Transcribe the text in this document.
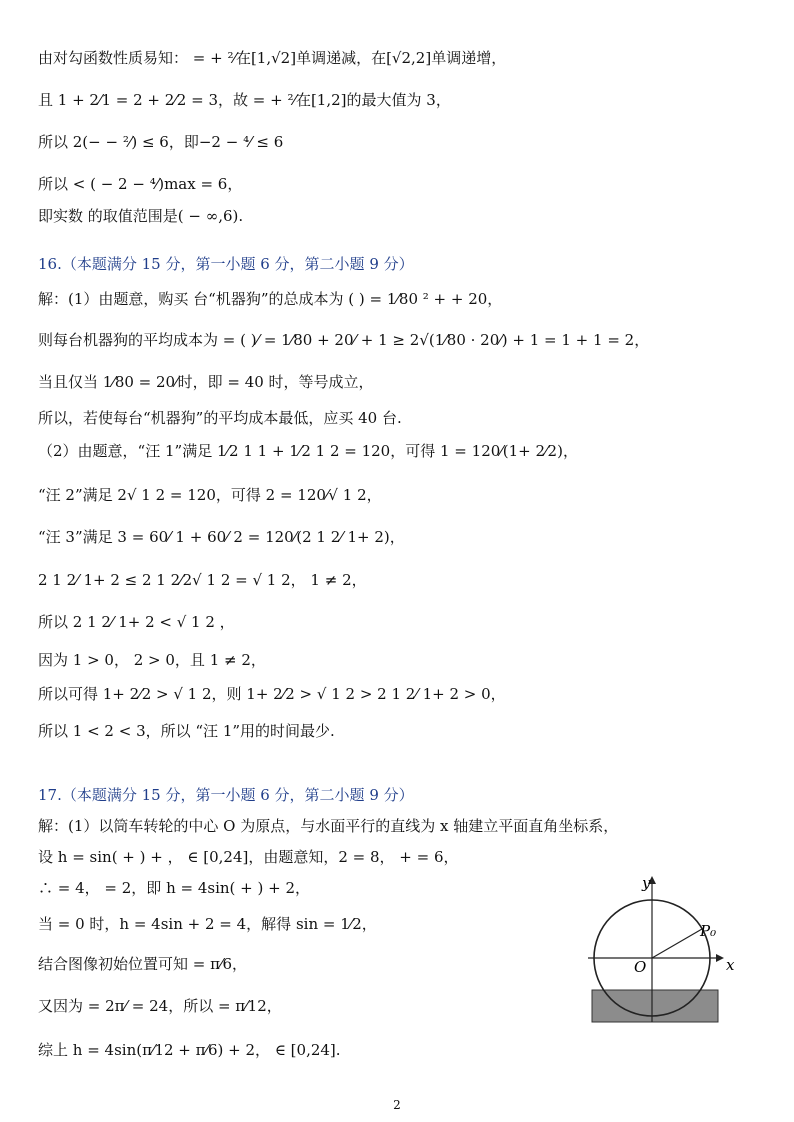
由对勾函数性质易知： = + ²⁄在[1,√2]单调递减，在[√2,2]单调递增，
且 1 + 2⁄1 = 2 + 2⁄2 = 3，故 = + ²⁄在[1,2]的最大值为 3，
所以 2(− − ²⁄) ≤ 6，即−2 − ⁴⁄ ≤ 6
所以 < ( − 2 − ⁴⁄)max = 6，
即实数 的取值范围是( − ∞,6).
16.（本题满分 15 分，第一小题 6 分，第二小题 9 分）
解：(1）由题意，购买 台“机器狗”的总成本为 ( ) = 1⁄80 ² + + 20，
则每台机器狗的平均成本为 = ( )⁄ = 1⁄80 + 20⁄ + 1 ≥ 2√(1⁄80 · 20⁄) + 1 = 1 + 1 = 2，
当且仅当 1⁄80 = 20⁄时，即 = 40 时，等号成立，
所以，若使每台“机器狗”的平均成本最低，应买 40 台.
（2）由题意，“汪 1”满足 1⁄2 1 1 + 1⁄2 1 2 = 120，可得 1 = 120⁄(1+ 2⁄2)，
“汪 2”满足 2√ 1 2 = 120，可得 2 = 120⁄√ 1 2，
“汪 3”满足 3 = 60⁄ 1 + 60⁄ 2 = 120⁄(2 1 2⁄ 1+ 2)，
2 1 2⁄ 1+ 2 ≤ 2 1 2⁄2√ 1 2 = √ 1 2， 1 ≠ 2，
所以 2 1 2⁄ 1+ 2 < √ 1 2 ，
因为 1 > 0， 2 > 0，且 1 ≠ 2，
所以可得 1+ 2⁄2 > √ 1 2，则 1+ 2⁄2 > √ 1 2 > 2 1 2⁄ 1+ 2 > 0，
所以 1 < 2 < 3，所以 “汪 1”用的时间最少.
17.（本题满分 15 分，第一小题 6 分，第二小题 9 分）
解：(1）以筒车转轮的中心 O 为原点，与水面平行的直线为 x 轴建立平面直角坐标系，
设 h = sin( + ) + ， ∈ [0,24]，由题意知，2 = 8， + = 6，
∴ = 4， = 2，即 h = 4sin( + ) + 2，
当 = 0 时，h = 4sin + 2 = 4，解得 sin = 1⁄2，
结合图像初始位置可知 = π⁄6，
又因为 = 2π⁄ = 24，所以 = π⁄12，
综上 h = 4sin(π⁄12 + π⁄6) + 2， ∈ [0,24].
x
y
O
P₀
2
